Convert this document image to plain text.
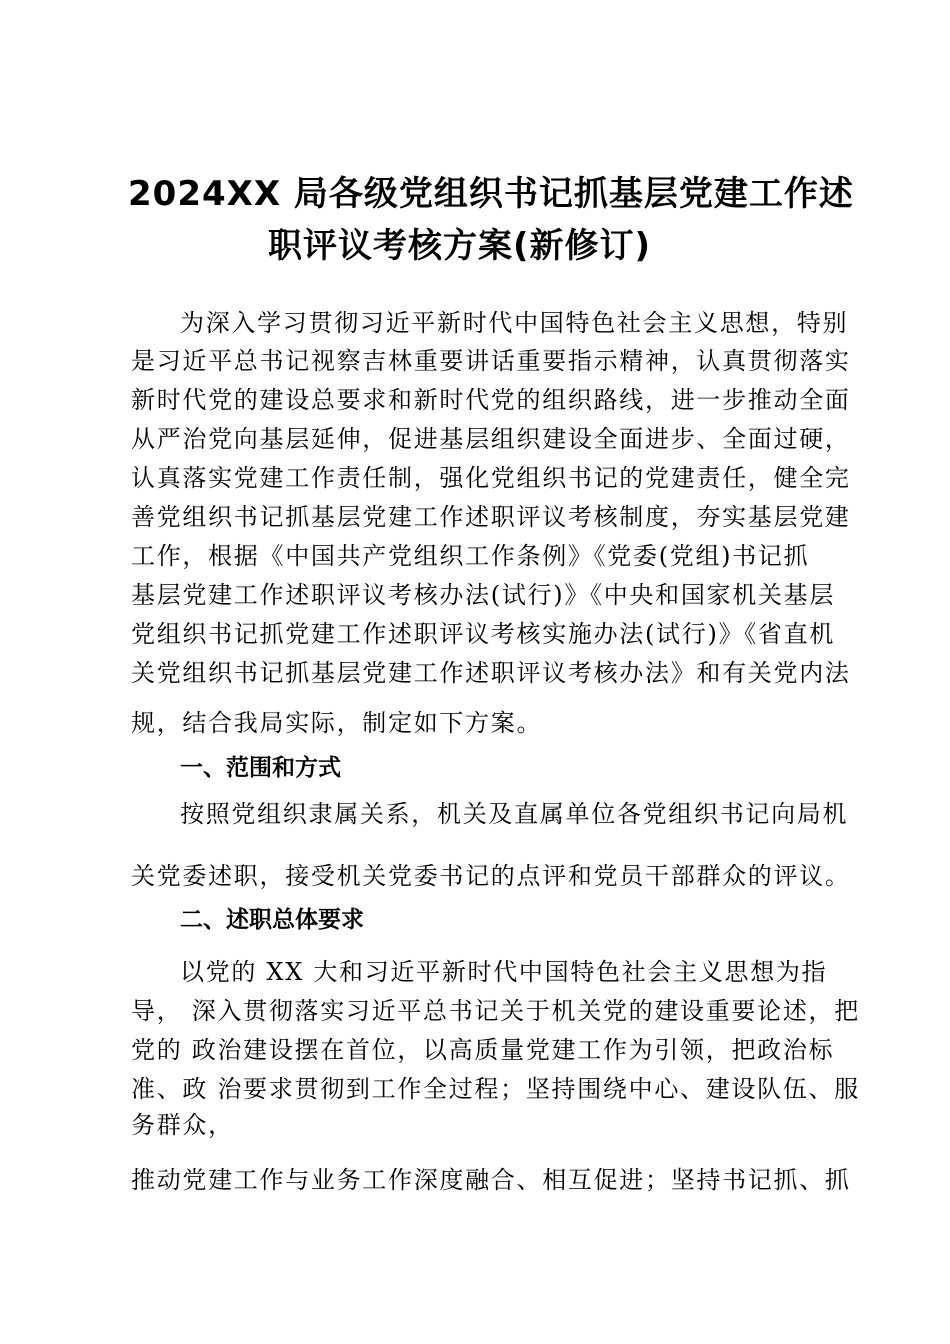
2024XX 局各级党组织书记抓基层党建工作述
职评议考核方案(新修订)
为深入学习贯彻习近平新时代中国特色社会主义思想，特别
是习近平总书记视察吉林重要讲话重要指示精神，认真贯彻落实
新时代党的建设总要求和新时代党的组织路线，进一步推动全面
从严治党向基层延伸，促进基层组织建设全面进步、全面过硬，
认真落实党建工作责任制，强化党组织书记的党建责任，健全完
善党组织书记抓基层党建工作述职评议考核制度，夯实基层党建
工作，根据《中国共产党组织工作条例》《党委(党组)书记抓
基层党建工作述职评议考核办法(试行)》《中央和国家机关基层
党组织书记抓党建工作述职评议考核实施办法(试行)》《省直机
关党组织书记抓基层党建工作述职评议考核办法》和有关党内法
规，结合我局实际，制定如下方案。
一、范围和方式
按照党组织隶属关系，机关及直属单位各党组织书记向局机
关党委述职，接受机关党委书记的点评和党员干部群众的评议。
二、述职总体要求
以党的 XX 大和习近平新时代中国特色社会主义思想为指
导， 深入贯彻落实习近平总书记关于机关党的建设重要论述，把
党的 政治建设摆在首位，以高质量党建工作为引领，把政治标
准、政 治要求贯彻到工作全过程；坚持围绕中心、建设队伍、服
务群众，
推动党建工作与业务工作深度融合、相互促进；坚持书记抓、抓
